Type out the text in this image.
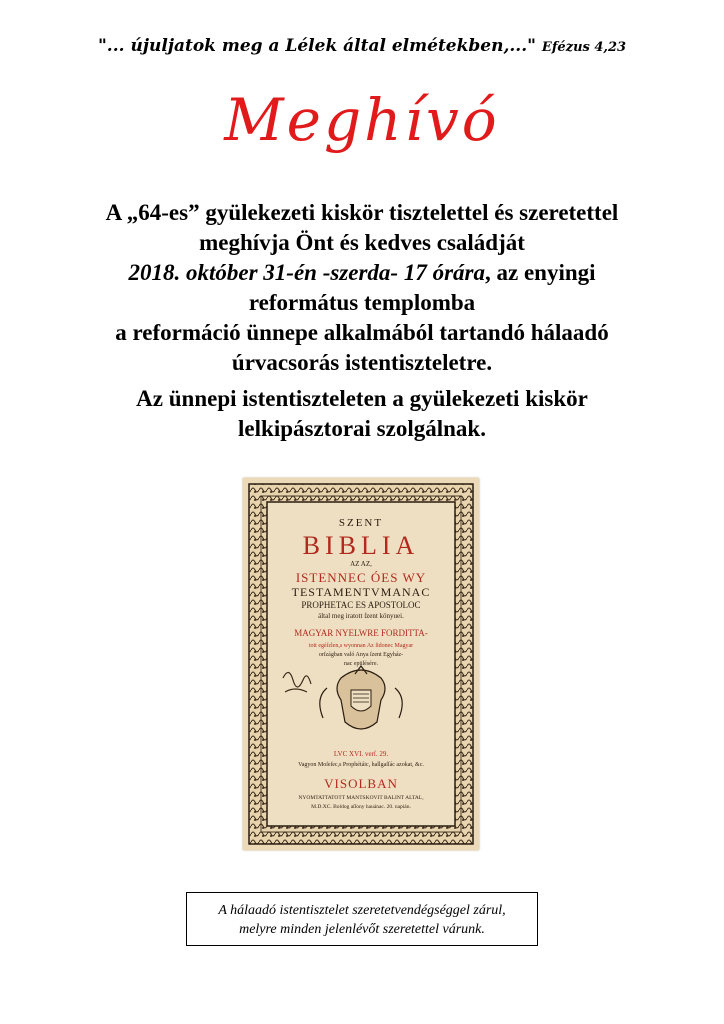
"... újuljatok meg a Lélek által elmétekben,..." Efézus 4,23
Meghívó
A „64-es” gyülekezeti kiskör tisztelettel és szeretettel
meghívja Önt és kedves családját
2018. október 31-én -szerda- 17 órára, az enyingi
református templomba
a reformáció ünnepe alkalmából tartandó hálaadó
úrvacsorás istentiszteletre.
Az ünnepi istentiszteleten a gyülekezeti kiskör
lelkipásztorai szolgálnak.
SZENT
BIBLIA
AZ AZ,
ISTENNEC ÓES WY
TESTAMENTVMANAC
PROPHETAC ES APOSTOLOC
által meg iratott ſzent könyuei.
MAGYAR NYELWRE FORDITTA-
tott egéſzlen,s wyonnan Az ſidonec Magyar
orſzágban való Anya ſzent Egyház-
nac epülésére.
LVC XVI. verſ. 29.
Vagyon Moſeſec,s Prophétáic, hallgaſſác azokat, &c.
VISOLBAN
NYOMTATTATOTT MANTSKOVIT BALINT ALTAL,
M.D.XC. Boldog aſſony hauánac. 20. napián.
A hálaadó istentisztelet szeretetvendégséggel zárul,
melyre minden jelenlévőt szeretettel várunk.
